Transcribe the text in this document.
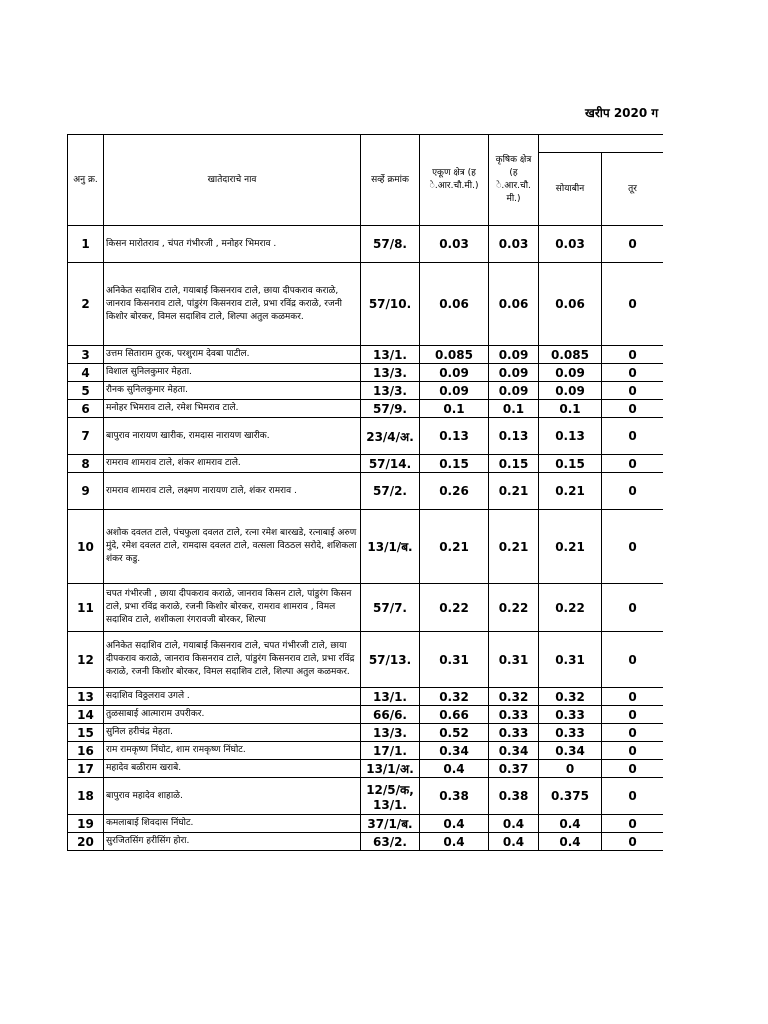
खरीप 2020 ग
अनु क्र.	खातेदाराचे नाव	सर्व्हे क्रमांक	एकूण क्षेत्र (ह े.आर.चौ.मी.)	कृषिक क्षेत्र (ह े.आर.चौ. मी.)		

					सोयाबीन	तूर

1	किसन मारोतराव , चंपत गंभीरजी , मनोहर भिमराव .	57/8.	0.03	0.03	0.03	0
2	अनिकेत सदाशिव टाले, गयाबाई किसनराव टाले, छाया दीपकराव कराळे, जानराव किसनराव टाले, पांडुरंग किसनराव टाले, प्रभा रविंद्र कराळे, रजनी किशोर बोरकर, विमल सदाशिव टाले, शिल्पा अतुल कळमकर.	57/10.	0.06	0.06	0.06	0
3	उत्तम सिताराम तुरक, परशुराम देवबा पाटील.	13/1.	0.085	0.09	0.085	0
4	विशाल सुनिलकुमार मेहता.	13/3.	0.09	0.09	0.09	0
5	रौनक सुनिलकुमार मेहता.	13/3.	0.09	0.09	0.09	0
6	मनोहर भिमराव टाले, रमेश भिमराव टाले.	57/9.	0.1	0.1	0.1	0
7	बापुराव नारायण खारीक, रामदास नारायण खारीक.	23/4/अ.	0.13	0.13	0.13	0
8	रामराव शामराव टाले, शंकर शामराव टाले.	57/14.	0.15	0.15	0.15	0
9	रामराव शामराव टाले, लक्ष्मण नारायण टाले, शंकर रामराव .	57/2.	0.26	0.21	0.21	0
10	अशोक दवलत टाले, पंचफुला दवलत टाले, रत्ना रमेश बारखडे, रत्नाबाई अरुण मुंदे, रमेश दवलत टाले, रामदास दवलत टाले, वत्सला विठठल सरोदे, शशिकला शंकर कडु.	13/1/ब.	0.21	0.21	0.21	0
11	चपत गंभीरजी , छाया दीपकराव कराळे, जानराव किसन टाले, पांडुरंग किसन टाले, प्रभा रविंद्र कराळे, रजनी किशोर बोरकर, रामराव शामराव , विमल सदाशिव टाले, शशीकला रंगरावजी बोरकर, शिल्पा	57/7.	0.22	0.22	0.22	0
12	अनिकेत सदाशिव टाले, गयाबाई किसनराव टाले, चपत गंभीरजी टाले, छाया दीपकराव कराळे, जानराव किसनराव टाले, पांडुरंग किसनराव टाले, प्रभा रविंद्र कराळे, रजनी किशोर बोरकर, विमल सदाशिव टाले, शिल्पा अतुल कळमकर.	57/13.	0.31	0.31	0.31	0
13	सदाशिव विठ्ठलराव उगले .	13/1.	0.32	0.32	0.32	0
14	तुळसाबाई आत्माराम उपरीकर.	66/6.	0.66	0.33	0.33	0
15	सुनिल हरीचंद्र मेहता.	13/3.	0.52	0.33	0.33	0
16	राम रामकृष्ण निंघोट, शाम रामकृष्ण निंघोट.	17/1.	0.34	0.34	0.34	0
17	महादेव बळीराम खराबे.	13/1/अ.	0.4	0.37	0	0
18	बापुराव महादेव शाहाळे.	12/5/क, 13/1.	0.38	0.38	0.375	0
19	कमलाबाई शिवदास निंघोट.	37/1/ब.	0.4	0.4	0.4	0
20	सुरजितसिंग हरीसिंग होरा.	63/2.	0.4	0.4	0.4	0
